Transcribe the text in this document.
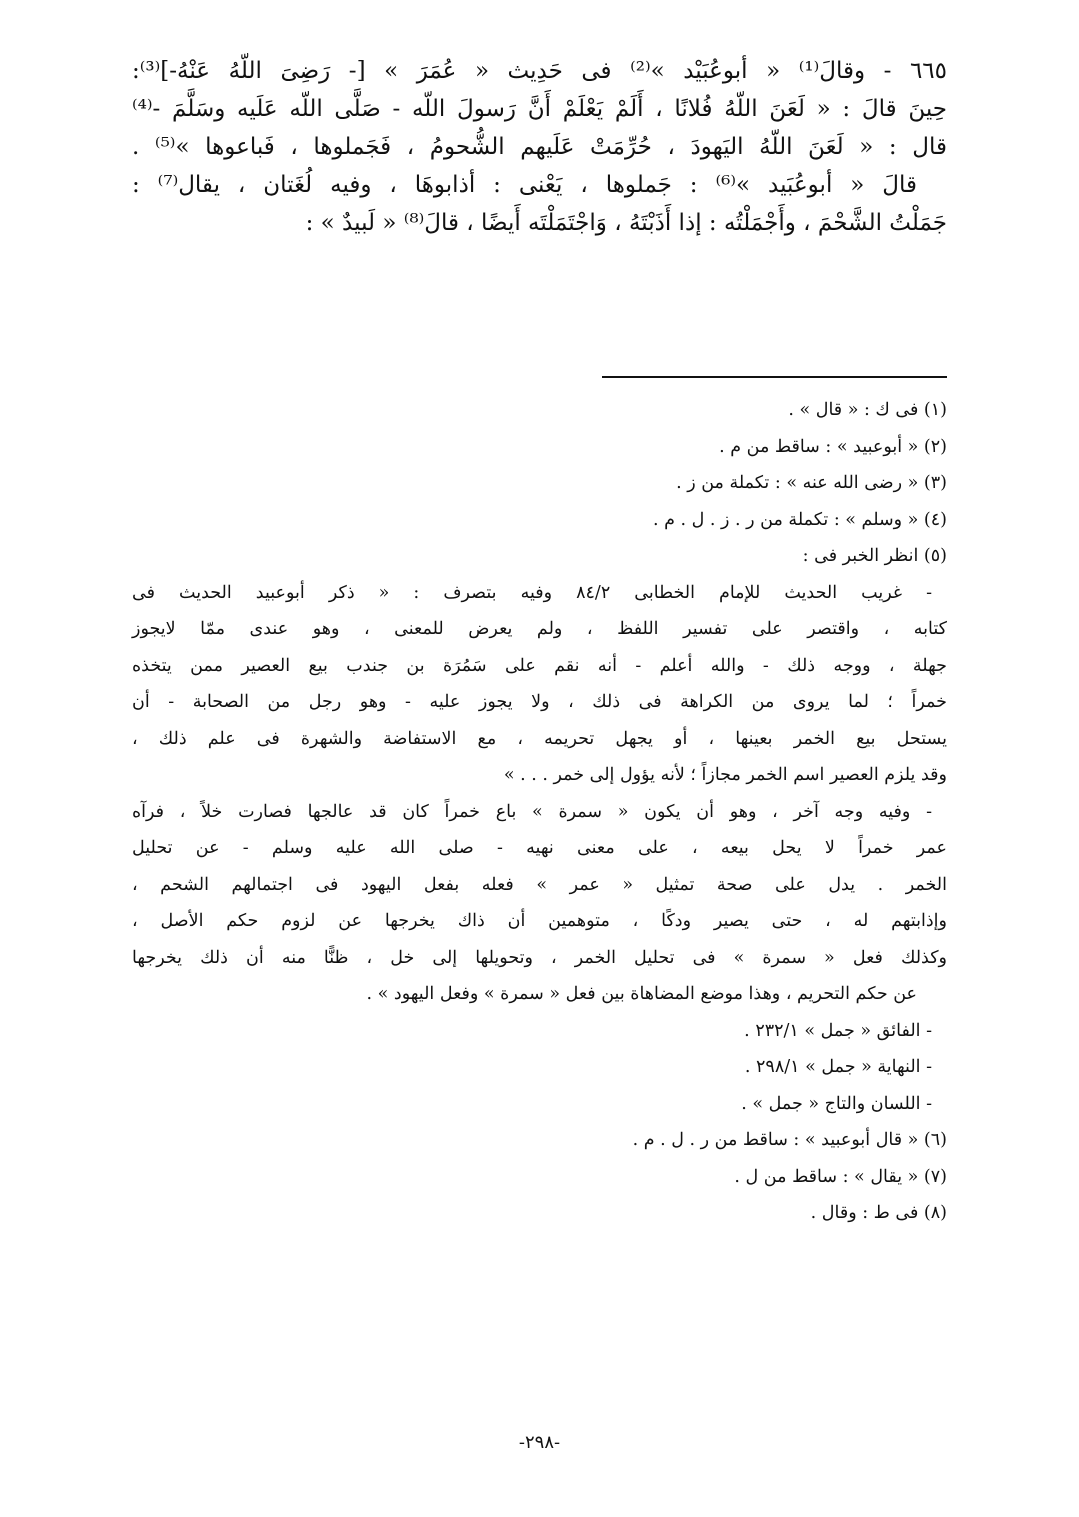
٦٦٥ - وقالَ⁽¹⁾ « أبوعُبَيْد »⁽²⁾ فى حَدِيث « عُمَرَ » [- رَضِىَ اللّهُ عَنْهُ-]⁽³⁾:
حِينَ قالَ : « لَعَنَ اللّهُ فُلانًا ، أَلَمْ يَعْلَمْ أَنَّ رَسولَ اللّه - صَلَّى اللّه عَلَيه وسَلَّمَ -⁽⁴⁾
قال : « لَعَنَ اللّهُ اليَهودَ ، حُرِّمَتْ عَلَيهم الشُّحومُ ، فَجَملوها ، فَباعوها »⁽⁵⁾ .
قالَ « أبوعُبَيد »⁽⁶⁾ : جَملوها ، يَعْنى : أذابوهَا ، وفيه لُغَتان ، يقال⁽⁷⁾ :
جَمَلْتُ الشَّحْمَ ، وأَجْمَلْتُه : إذا أَذَبْتَهُ ، وَاجْتَمَلْتَه أَيضًا ، قالَ⁽⁸⁾ « لَبيدٌ » :
(١) فى ك : « قال » .
(٢) « أبوعبيد » : ساقط من م .
(٣) « رضى الله عنه » : تكملة من ز .
(٤) « وسلم » : تكملة من ر . ز . ل . م .
(٥) انظر الخبر فى :
- غريب الحديث للإمام الخطابى ٨٤/٢ وفيه بتصرف : « ذكر أبوعبيد الحديث فى
كتابه ، واقتصر على تفسير اللفظ ، ولم يعرض للمعنى ، وهو عندى ممّا لايجوز
جهلة ، ووجه ذلك - والله أعلم - أنه نقم على سَمُرَة بن جندب بيع العصير ممن يتخذه
خمراً ؛ لما يروى من الكراهة فى ذلك ، ولا يجوز عليه - وهو رجل من الصحابة - أن
يستحل بيع الخمر بعينها ، أو يجهل تحريمه ، مع الاستفاضة والشهرة فى علم ذلك ،
وقد يلزم العصير اسم الخمر مجازاً ؛ لأنه يؤول إلى خمر . . . »
- وفيه وجه آخر ، وهو أن يكون « سمرة » باع خمراً كان قد عالجها فصارت خلاً ، فرآه
عمر خمراً لا يحل بيعه ، على معنى نهيه - صلى الله عليه وسلم - عن تحليل
الخمر . يدل على صحة تمثيل « عمر » فعله بفعل اليهود فى اجتمالهم الشحم ،
وإذابتهم له ، حتى يصير ودكًا ، متوهمين أن ذاك يخرجها عن لزوم حكم الأصل ،
وكذلك فعل « سمرة » فى تحليل الخمر ، وتحويلها إلى خل ، ظنًّا منه أن ذلك يخرجها
عن حكم التحريم ، وهذا موضع المضاهاة بين فعل « سمرة » وفعل اليهود » .
- الفائق « جمل » ٢٣٢/١ .
- النهاية « جمل » ٢٩٨/١ .
- اللسان والتاج « جمل » .
(٦) « قال أبوعبيد » : ساقط من ر . ل . م .
(٧) « يقال » : ساقط من ل .
(٨) فى ط : وقال .
-٢٩٨-
